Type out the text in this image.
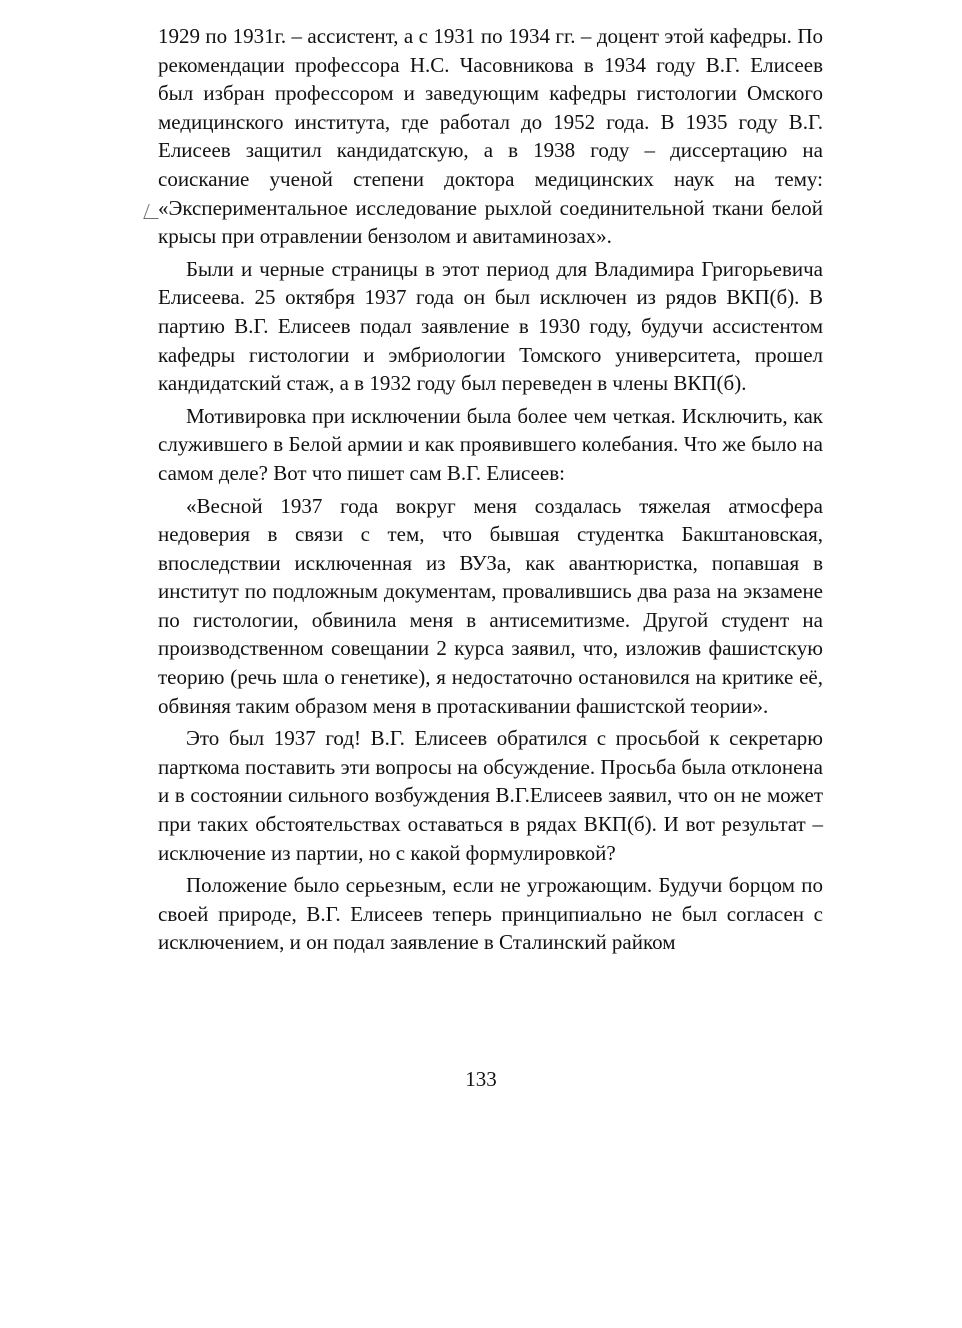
1929 по 1931г. – ассистент, а с 1931 по 1934 гг. – доцент этой кафедры. По рекомендации профессора Н.С. Часовникова в 1934 году В.Г. Елисеев был избран профессором и заведующим кафедры гистологии Омского медицинского института, где работал до 1952 года. В 1935 году В.Г. Елисеев защитил кандидатскую, а в 1938 году – диссертацию на соискание ученой степени доктора медицинских наук на тему: «Экспериментальное исследование рыхлой соединительной ткани белой крысы при отравлении бензолом и авитаминозах».

Были и черные страницы в этот период для Владимира Григорьевича Елисеева. 25 октября 1937 года он был исключен из рядов ВКП(б). В партию В.Г. Елисеев подал заявление в 1930 году, будучи ассистентом кафедры гистологии и эмбриологии Томского университета, прошел кандидатский стаж, а в 1932 году был переведен в члены ВКП(б).

Мотивировка при исключении была более чем четкая. Исключить, как служившего в Белой армии и как проявившего колебания. Что же было на самом деле? Вот что пишет сам В.Г. Елисеев:

«Весной 1937 года вокруг меня создалась тяжелая атмосфера недоверия в связи с тем, что бывшая студентка Бакштановская, впоследствии исключенная из ВУЗа, как авантюристка, попавшая в институт по подложным документам, провалившись два раза на экзамене по гистологии, обвинила меня в антисемитизме. Другой студент на производственном совещании 2 курса заявил, что, изложив фашистскую теорию (речь шла о генетике), я недостаточно остановился на критике её, обвиняя таким образом меня в протаскивании фашистской теории».

Это был 1937 год! В.Г. Елисеев обратился с просьбой к секретарю парткома поставить эти вопросы на обсуждение. Просьба была отклонена и в состоянии сильного возбуждения В.Г.Елисеев заявил, что он не может при таких обстоятельствах оставаться в рядах ВКП(б). И вот результат – исключение из партии, но с какой формулировкой?

Положение было серьезным, если не угрожающим. Будучи борцом по своей природе, В.Г. Елисеев теперь принципиально не был согласен с исключением, и он подал заявление в Сталинский райком

133
